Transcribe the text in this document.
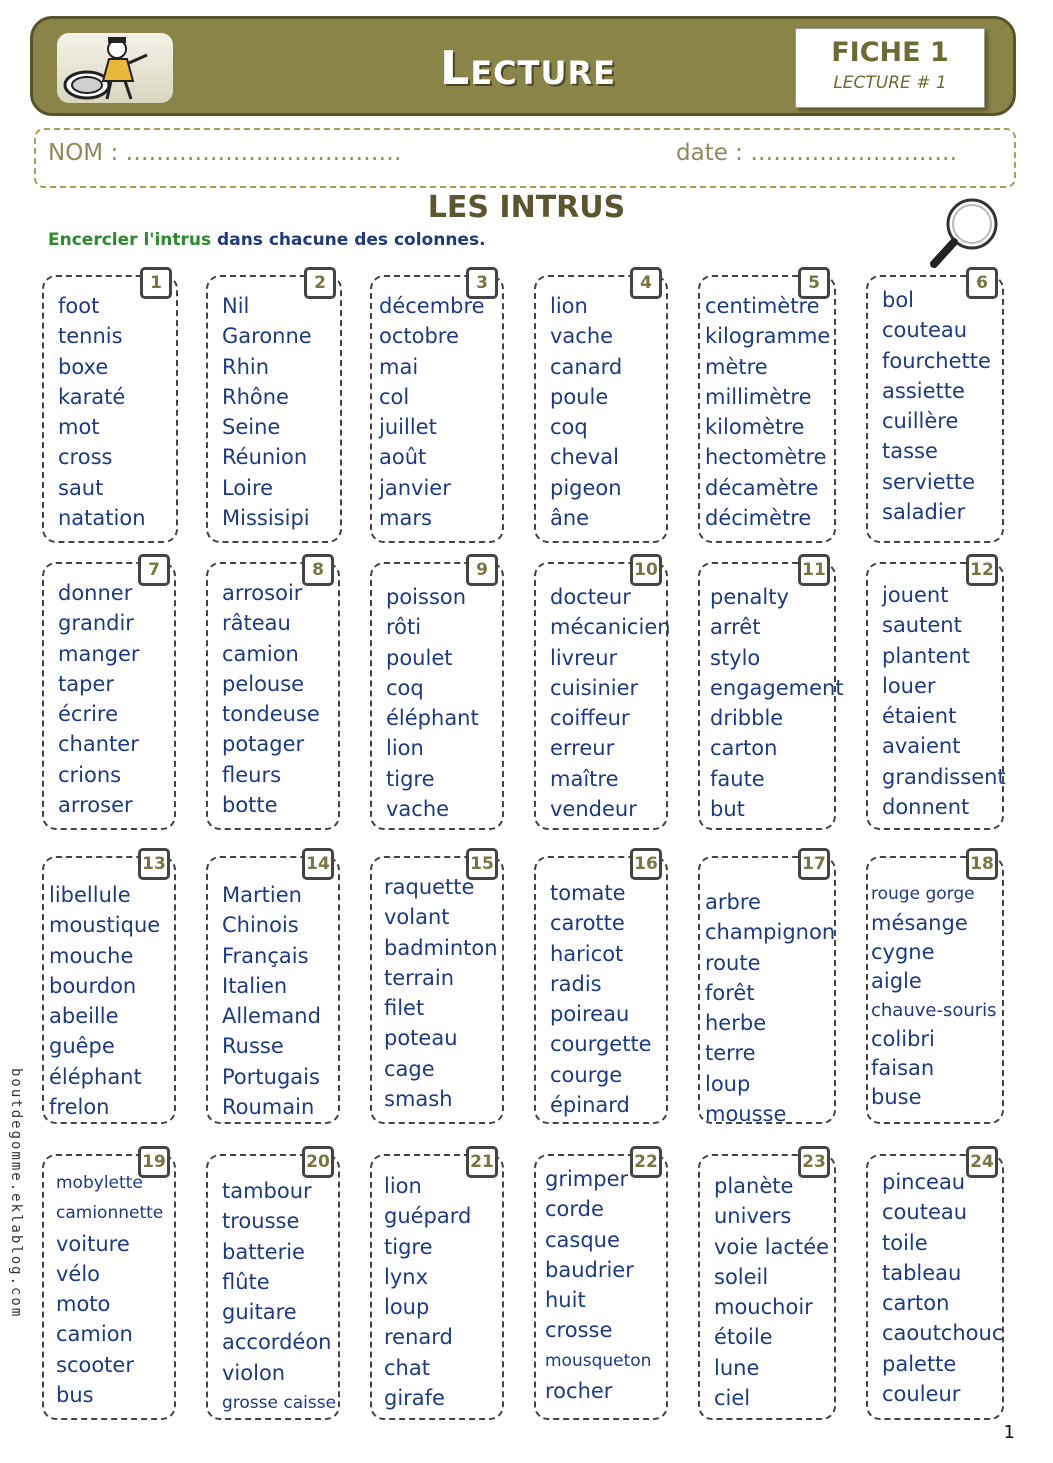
Lecture	FICHE 1
LECTURE # 1
NOM : ………………………………	date : ………………………
LES INTRUS
Encercler l'intrus dans chacune des colonnes.
1
foot
tennis
boxe
karaté
mot
cross
saut
natation
2
Nil
Garonne
Rhin
Rhône
Seine
Réunion
Loire
Missisipi
3
décembre
octobre
mai
col
juillet
août
janvier
mars
4
lion
vache
canard
poule
coq
cheval
pigeon
âne
5
centimètre
kilogramme
mètre
millimètre
kilomètre
hectomètre
décamètre
décimètre
6
bol
couteau
fourchette
assiette
cuillère
tasse
serviette
saladier
7
donner
grandir
manger
taper
écrire
chanter
crions
arroser
8
arrosoir
râteau
camion
pelouse
tondeuse
potager
fleurs
botte
9
poisson
rôti
poulet
coq
éléphant
lion
tigre
vache
10
docteur
mécanicien
livreur
cuisinier
coiffeur
erreur
maître
vendeur
11
penalty
arrêt
stylo
engagement
dribble
carton
faute
but
12
jouent
sautent
plantent
louer
étaient
avaient
grandissent
donnent
13
libellule
moustique
mouche
bourdon
abeille
guêpe
éléphant
frelon
14
Martien
Chinois
Français
Italien
Allemand
Russe
Portugais
Roumain
15
raquette
volant
badminton
terrain
filet
poteau
cage
smash
16
tomate
carotte
haricot
radis
poireau
courgette
courge
épinard
17
arbre
champignon
route
forêt
herbe
terre
loup
mousse
18
rouge gorge
mésange
cygne
aigle
chauve-souris
colibri
faisan
buse
19
mobylette
camionnette
voiture
vélo
moto
camion
scooter
bus
20
tambour
trousse
batterie
flûte
guitare
accordéon
violon
grosse caisse
21
lion
guépard
tigre
lynx
loup
renard
chat
girafe
22
grimper
corde
casque
baudrier
huit
crosse
mousqueton
rocher
23
planète
univers
voie lactée
soleil
mouchoir
étoile
lune
ciel
24
pinceau
couteau
toile
tableau
carton
caoutchouc
palette
couleur
boutdegomme.eklablog.com
1
